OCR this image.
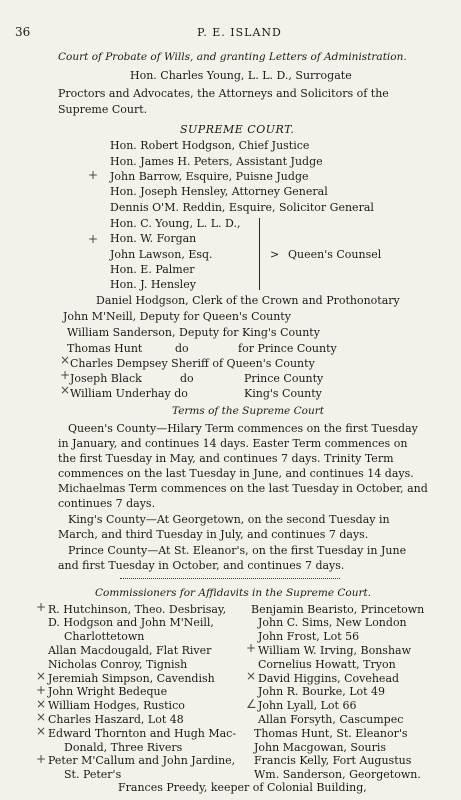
36	P. E. ISLAND
Court of Probate of Wills, and granting Letters of Administration.
Hon. Charles Young, L. L. D., Surrogate
Proctors and Advocates, the Attorneys and Solicitors of the
Supreme Court.
SUPREME COURT.
Hon. Robert Hodgson, Chief Justice
Hon. James H. Peters, Assistant Judge
+ John Barrow, Esquire, Puisne Judge
Hon. Joseph Hensley, Attorney General
Dennis O'M. Reddin, Esquire, Solicitor General
Hon. C. Young, L. L. D.,
Hon. W. Forgan
+
John Lawson, Esq.
Hon. E. Palmer
Hon. J. Hensley
> Queen's Counsel
Daniel Hodgson, Clerk of the Crown and Prothonotary
John M'Neill, Deputy for Queen's County
William Sanderson, Deputy for King's County
Thomas Hunt	do	for Prince County
× Charles Dempsey Sheriff of Queen's County
+ Joseph Black	do	Prince County
× William Underhay do	King's County
Terms of the Supreme Court
Queen's County—Hilary Term commences on the first Tuesday
in January, and continues 14 days. Easter Term commences on
the first Tuesday in May, and continues 7 days. Trinity Term
commences on the last Tuesday in June, and continues 14 days.
Michaelmas Term commences on the last Tuesday in October, and
continues 7 days.
King's County—At Georgetown, on the second Tuesday in
March, and third Tuesday in July, and continues 7 days.
Prince County—At St. Eleanor's, on the first Tuesday in June
and first Tuesday in October, and continues 7 days.
Commissioners for Affidavits in the Supreme Court.
+ R. Hutchinson, Theo. Desbrisay,
D. Hodgson and John M'Neill,
Charlottetown
Allan Macdougald, Flat River
Nicholas Conroy, Tignish
× Jeremiah Simpson, Cavendish
+ John Wright Bedeque
× William Hodges, Rustico
× Charles Haszard, Lot 48
× Edward Thornton and Hugh Mac-
Donald, Three Rivers
+ Peter M'Callum and John Jardine,
St. Peter's
Benjamin Bearisto, Princetown
John C. Sims, New London
John Frost, Lot 56
+ William W. Irving, Bonshaw
Cornelius Howatt, Tryon
× David Higgins, Covehead
John R. Bourke, Lot 49
∠ John Lyall, Lot 66
Allan Forsyth, Cascumpec
Thomas Hunt, St. Eleanor's
John Macgowan, Souris
Francis Kelly, Fort Augustus
Wm. Sanderson, Georgetown.
Frances Preedy, keeper of Colonial Building,
